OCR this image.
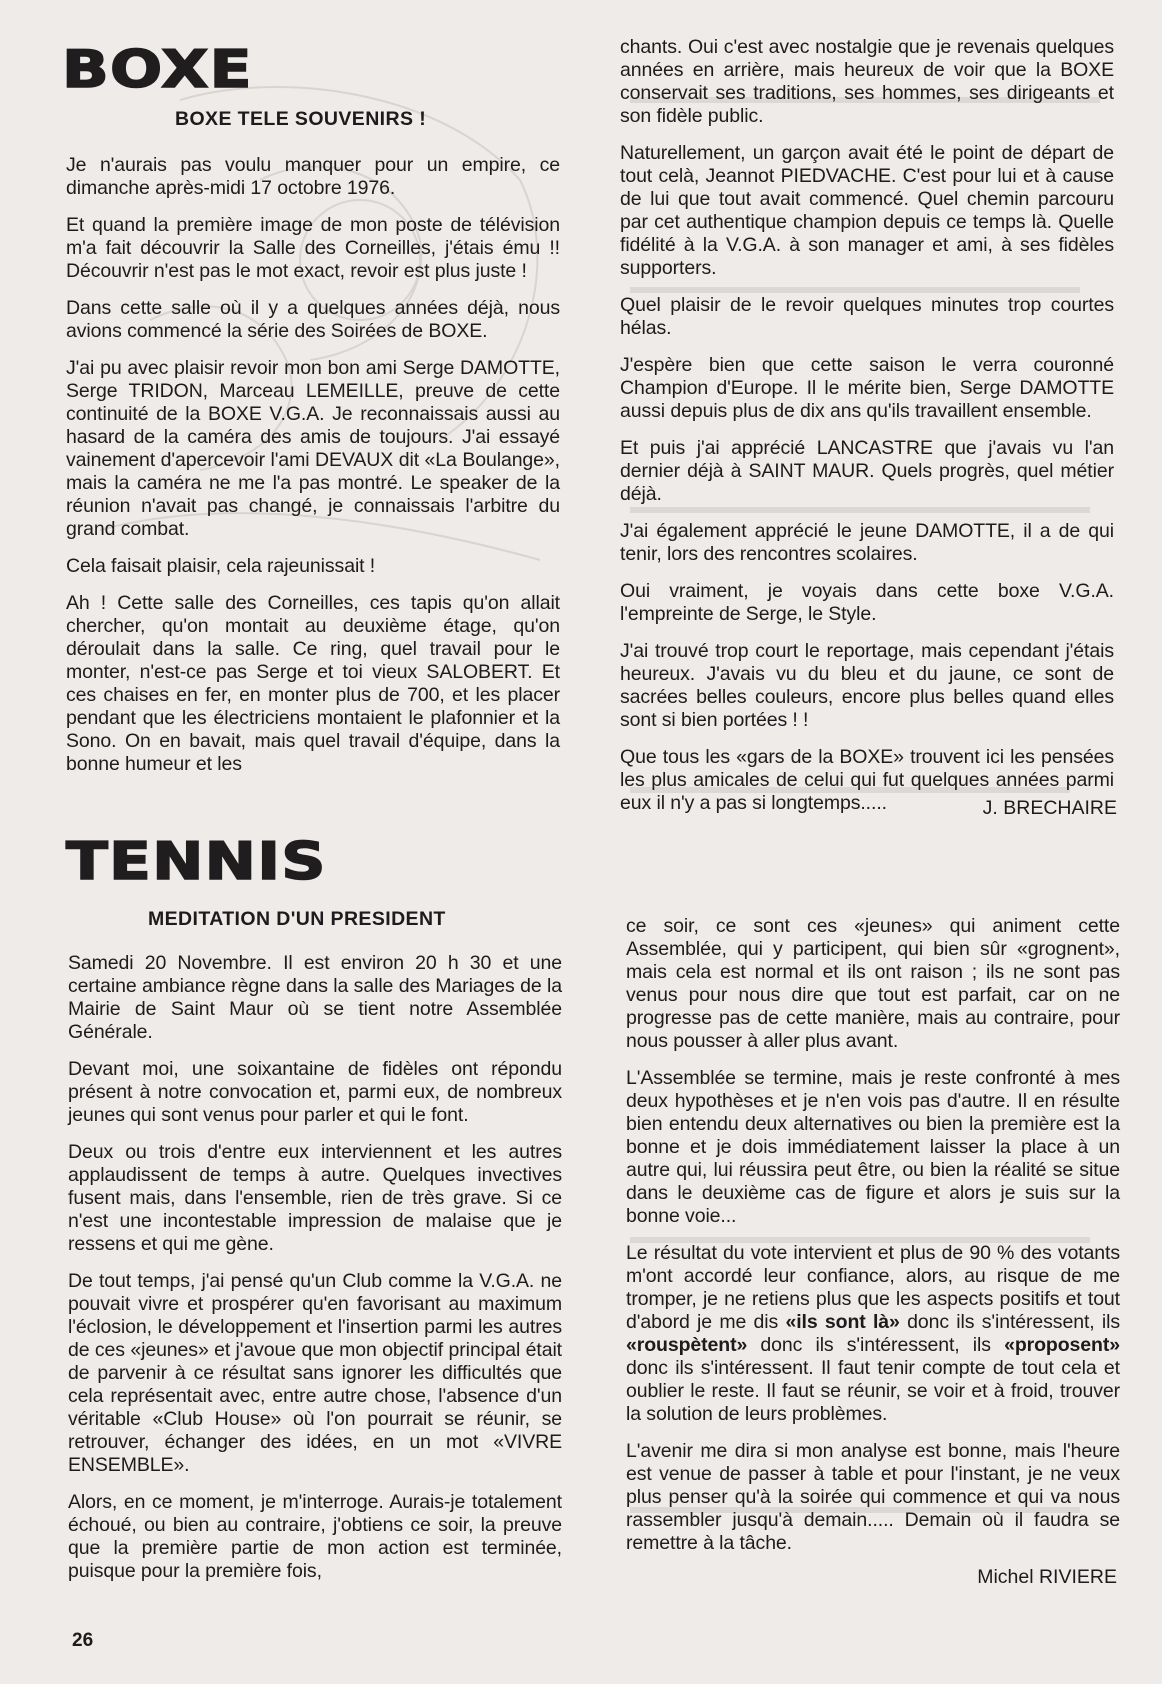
BOXE
BOXE TELE SOUVENIRS !

Je n'aurais pas voulu manquer pour un empire, ce dimanche après-midi 17 octobre 1976.

Et quand la première image de mon poste de télévision m'a fait découvrir la Salle des Corneilles, j'étais ému !! Découvrir n'est pas le mot exact, revoir est plus juste !

Dans cette salle où il y a quelques années déjà, nous avions commencé la série des Soirées de BOXE.

J'ai pu avec plaisir revoir mon bon ami Serge DAMOTTE, Serge TRIDON, Marceau LEMEILLE, preuve de cette continuité de la BOXE V.G.A. Je reconnaissais aussi au hasard de la caméra des amis de toujours. J'ai essayé vainement d'apercevoir l'ami DEVAUX dit «La Boulange», mais la caméra ne me l'a pas montré. Le speaker de la réunion n'avait pas changé, je connaissais l'arbitre du grand combat.

Cela faisait plaisir, cela rajeunissait !

Ah ! Cette salle des Corneilles, ces tapis qu'on allait chercher, qu'on montait au deuxième étage, qu'on déroulait dans la salle. Ce ring, quel travail pour le monter, n'est-ce pas Serge et toi vieux SALOBERT. Et ces chaises en fer, en monter plus de 700, et les placer pendant que les électriciens montaient le plafonnier et la Sono. On en bavait, mais quel travail d'équipe, dans la bonne humeur et les

chants. Oui c'est avec nostalgie que je revenais quelques années en arrière, mais heureux de voir que la BOXE conservait ses traditions, ses hommes, ses dirigeants et son fidèle public.

Naturellement, un garçon avait été le point de départ de tout celà, Jeannot PIEDVACHE. C'est pour lui et à cause de lui que tout avait commencé. Quel chemin parcouru par cet authentique champion depuis ce temps là. Quelle fidélité à la V.G.A. à son manager et ami, à ses fidèles supporters.

Quel plaisir de le revoir quelques minutes trop courtes hélas.

J'espère bien que cette saison le verra couronné Champion d'Europe. Il le mérite bien, Serge DAMOTTE aussi depuis plus de dix ans qu'ils travaillent ensemble.

Et puis j'ai apprécié LANCASTRE que j'avais vu l'an dernier déjà à SAINT MAUR. Quels progrès, quel métier déjà.

J'ai également apprécié le jeune DAMOTTE, il a de qui tenir, lors des rencontres scolaires.

Oui vraiment, je voyais dans cette boxe V.G.A. l'empreinte de Serge, le Style.

J'ai trouvé trop court le reportage, mais cependant j'étais heureux. J'avais vu du bleu et du jaune, ce sont de sacrées belles couleurs, encore plus belles quand elles sont si bien portées ! !

Que tous les «gars de la BOXE» trouvent ici les pensées les plus amicales de celui qui fut quelques années parmi eux il n'y a pas si longtemps.....	J. BRECHAIRE
TENNIS
MEDITATION D'UN PRESIDENT

Samedi 20 Novembre. Il est environ 20 h 30 et une certaine ambiance règne dans la salle des Mariages de la Mairie de Saint Maur où se tient notre Assemblée Générale.

Devant moi, une soixantaine de fidèles ont répondu présent à notre convocation et, parmi eux, de nombreux jeunes qui sont venus pour parler et qui le font.

Deux ou trois d'entre eux interviennent et les autres applaudissent de temps à autre. Quelques invectives fusent mais, dans l'ensemble, rien de très grave. Si ce n'est une incontestable impression de malaise que je ressens et qui me gène.

De tout temps, j'ai pensé qu'un Club comme la V.G.A. ne pouvait vivre et prospérer qu'en favorisant au maximum l'éclosion, le développement et l'insertion parmi les autres de ces «jeunes» et j'avoue que mon objectif principal était de parvenir à ce résultat sans ignorer les difficultés que cela représentait avec, entre autre chose, l'absence d'un véritable «Club House» où l'on pourrait se réunir, se retrouver, échanger des idées, en un mot «VIVRE ENSEMBLE».

Alors, en ce moment, je m'interroge. Aurais-je totalement échoué, ou bien au contraire, j'obtiens ce soir, la preuve que la première partie de mon action est terminée, puisque pour la première fois,

ce soir, ce sont ces «jeunes» qui animent cette Assemblée, qui y participent, qui bien sûr «grognent», mais cela est normal et ils ont raison ; ils ne sont pas venus pour nous dire que tout est parfait, car on ne progresse pas de cette manière, mais au contraire, pour nous pousser à aller plus avant.

L'Assemblée se termine, mais je reste confronté à mes deux hypothèses et je n'en vois pas d'autre. Il en résulte bien entendu deux alternatives ou bien la première est la bonne et je dois immédiatement laisser la place à un autre qui, lui réussira peut être, ou bien la réalité se situe dans le deuxième cas de figure et alors je suis sur la bonne voie...

Le résultat du vote intervient et plus de 90 % des votants m'ont accordé leur confiance, alors, au risque de me tromper, je ne retiens plus que les aspects positifs et tout d'abord je me dis «ils sont là» donc ils s'intéressent, ils «rouspètent» donc ils s'intéressent, ils «proposent» donc ils s'intéressent. Il faut tenir compte de tout cela et oublier le reste. Il faut se réunir, se voir et à froid, trouver la solution de leurs problèmes.

L'avenir me dira si mon analyse est bonne, mais l'heure est venue de passer à table et pour l'instant, je ne veux plus penser qu'à la soirée qui commence et qui va nous rassembler jusqu'à demain..... Demain où il faudra se remettre à la tâche.

Michel RIVIERE
26
